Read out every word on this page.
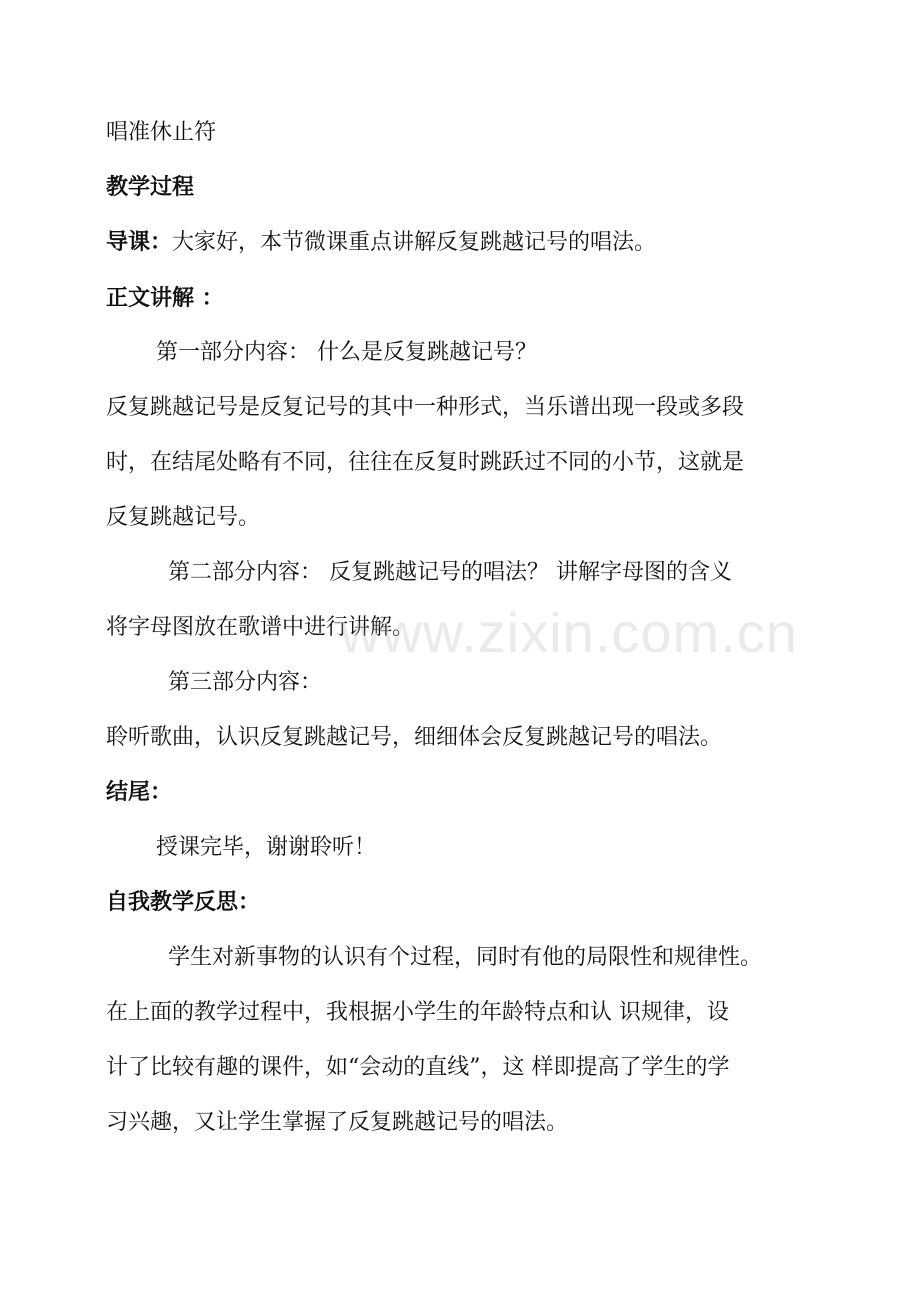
唱准休止符
教学过程
导课：大家好，本节微课重点讲解反复跳越记号的唱法。
正文讲解 ：
第一部分内容： 什么是反复跳越记号？
反复跳越记号是反复记号的其中一种形式，当乐谱出现一段或多段
时，在结尾处略有不同，往往在反复时跳跃过不同的小节，这就是
反复跳越记号。
第二部分内容： 反复跳越记号的唱法？ 讲解字母图的含义
将字母图放在歌谱中进行讲解。
第三部分内容：
聆听歌曲，认识反复跳越记号，细细体会反复跳越记号的唱法。
结尾：
授课完毕，谢谢聆听！
自我教学反思：
学生对新事物的认识有个过程，同时有他的局限性和规律性。
在上面的教学过程中，我根据小学生的年龄特点和认 识规律，设
计了比较有趣的课件，如“会动的直线”，这 样即提高了学生的学
习兴趣，又让学生掌握了反复跳越记号的唱法。
www.zixin.com.cn
